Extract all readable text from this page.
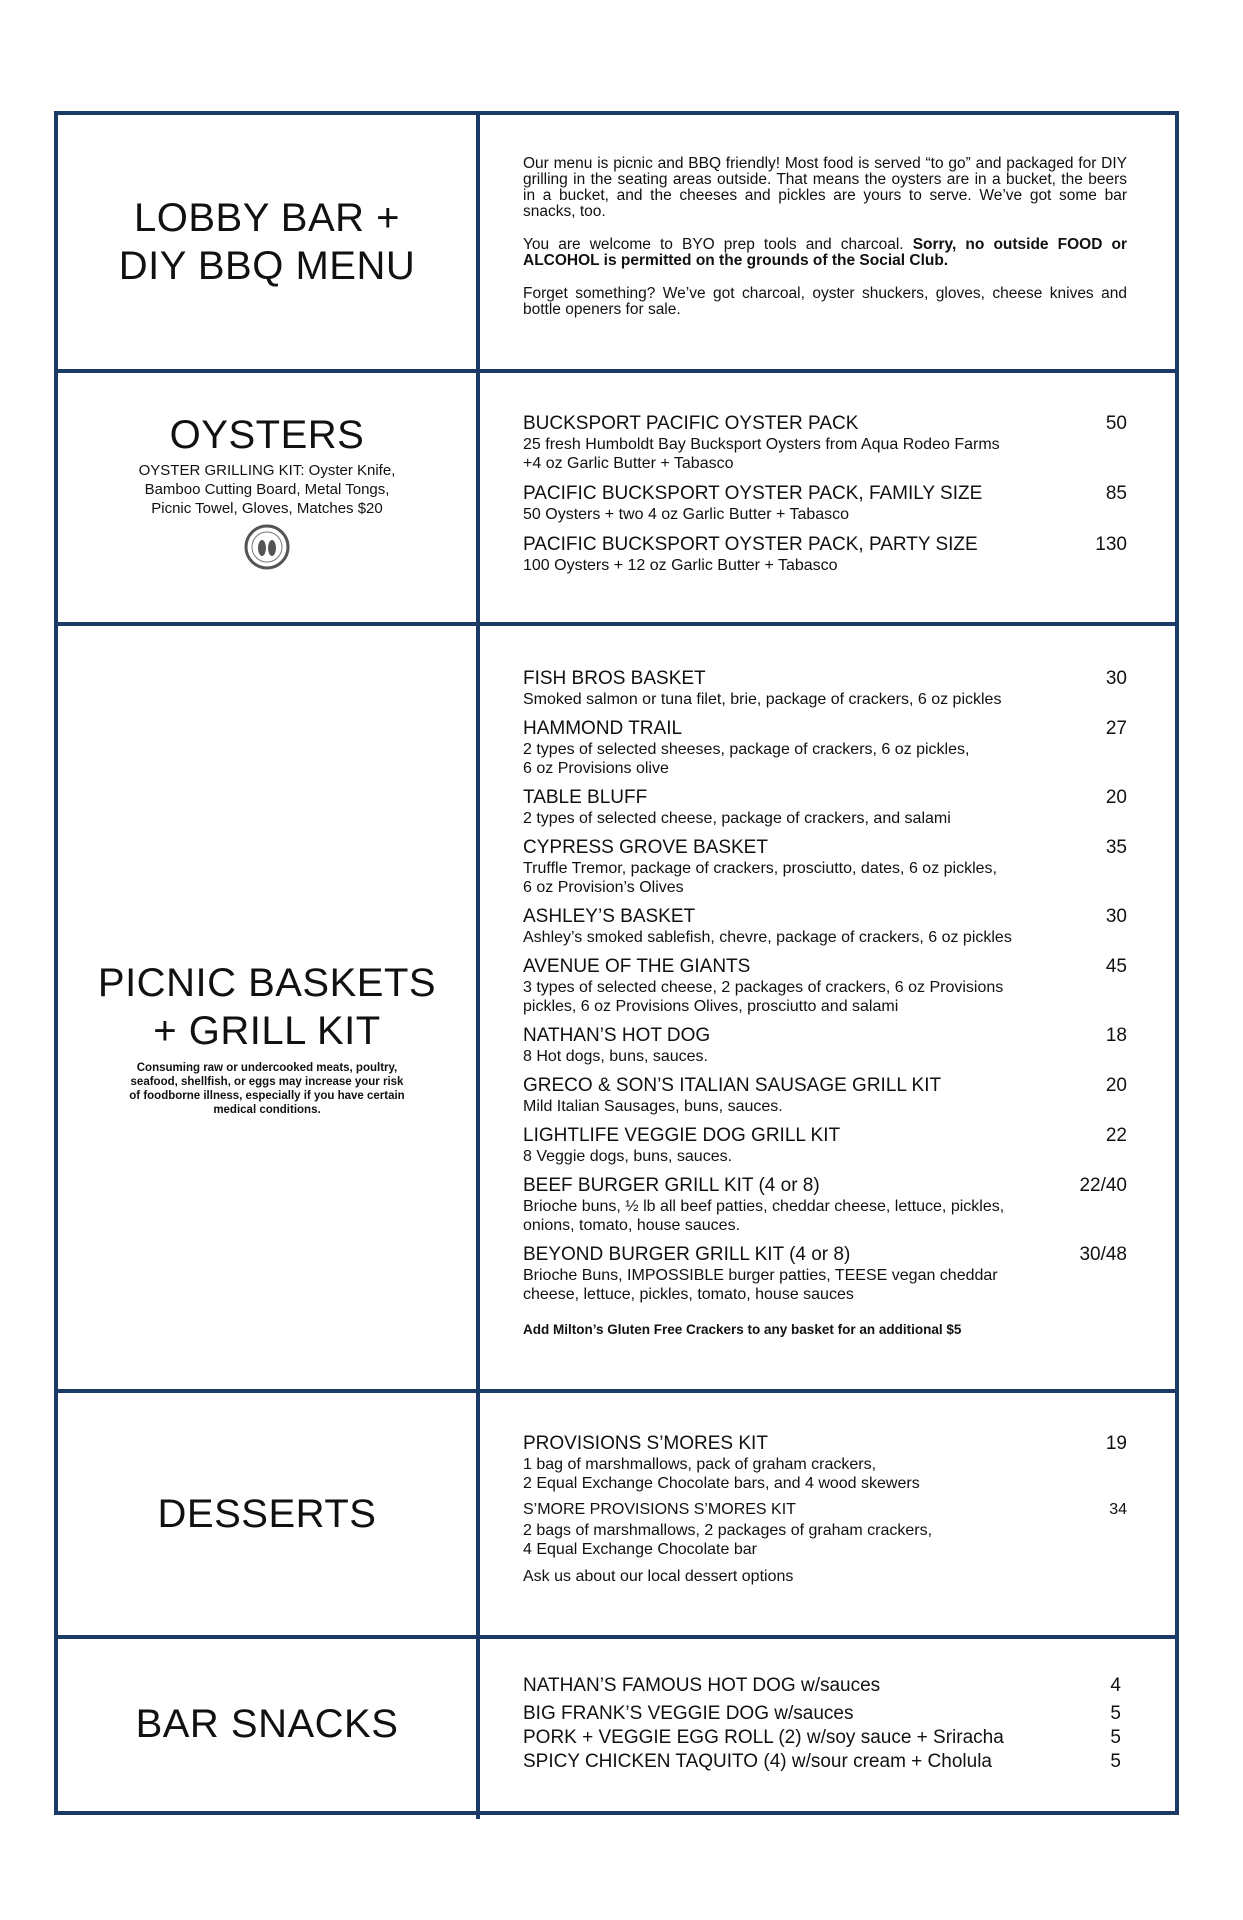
LOBBY BAR +
DIY BBQ MENU

Our menu is picnic and BBQ friendly! Most food is served “to go” and packaged for DIY grilling in the seating areas outside. That means the oysters are in a bucket, the beers in a bucket, and the cheeses and pickles are yours to serve. We’ve got some bar snacks, too.

You are welcome to BYO prep tools and charcoal. Sorry, no outside FOOD or ALCOHOL is permitted on the grounds of the Social Club.

Forget something? We’ve got charcoal, oyster shuckers, gloves, cheese knives and bottle openers for sale.

OYSTERS
OYSTER GRILLING KIT: Oyster Knife,
Bamboo Cutting Board, Metal Tongs,
Picnic Towel, Gloves, Matches $20
BUCKSPORT PACIFIC OYSTER PACK	50
25 fresh Humboldt Bay Bucksport Oysters from Aqua Rodeo Farms
+4 oz Garlic Butter + Tabasco
PACIFIC BUCKSPORT OYSTER PACK, FAMILY SIZE	85
50 Oysters + two 4 oz Garlic Butter + Tabasco
PACIFIC BUCKSPORT OYSTER PACK, PARTY SIZE	130
100 Oysters + 12 oz Garlic Butter + Tabasco
PICNIC BASKETS
+ GRILL KIT
Consuming raw or undercooked meats, poultry,
seafood, shellfish, or eggs may increase your risk
of foodborne illness, especially if you have certain
medical conditions.
FISH BROS BASKET	30
Smoked salmon or tuna filet, brie, package of crackers, 6 oz pickles
HAMMOND TRAIL	27
2 types of selected sheeses, package of crackers, 6 oz pickles,
6 oz Provisions olive
TABLE BLUFF	20
2 types of selected cheese, package of crackers, and salami
CYPRESS GROVE BASKET	35
Truffle Tremor, package of crackers, prosciutto, dates, 6 oz pickles,
6 oz Provision’s Olives
ASHLEY’S BASKET	30
Ashley’s smoked sablefish, chevre, package of crackers, 6 oz pickles
AVENUE OF THE GIANTS	45
3 types of selected cheese, 2 packages of crackers, 6 oz Provisions
pickles, 6 oz Provisions Olives, prosciutto and salami
NATHAN’S HOT DOG	18
8 Hot dogs, buns, sauces.
GRECO & SON’S ITALIAN SAUSAGE GRILL KIT	20
Mild Italian Sausages, buns, sauces.
LIGHTLIFE VEGGIE DOG GRILL KIT	22
8 Veggie dogs, buns, sauces.
BEEF BURGER GRILL KIT (4 or 8)	22/40
Brioche buns, ½ lb all beef patties, cheddar cheese, lettuce, pickles,
onions, tomato, house sauces.
BEYOND BURGER GRILL KIT (4 or 8)	30/48
Brioche Buns, IMPOSSIBLE burger patties, TEESE vegan cheddar
cheese, lettuce, pickles, tomato, house sauces
Add Milton’s Gluten Free Crackers to any basket for an additional $5
DESSERTS
PROVISIONS S’MORES KIT	19
1 bag of marshmallows, pack of graham crackers,
2 Equal Exchange Chocolate bars, and 4 wood skewers
S’MORE PROVISIONS S’MORES KIT	34
2 bags of marshmallows, 2 packages of graham crackers,
4 Equal Exchange Chocolate bar
Ask us about our local dessert options
BAR SNACKS
NATHAN’S FAMOUS HOT DOG w/sauces	4
BIG FRANK’S VEGGIE DOG w/sauces	5
PORK + VEGGIE EGG ROLL (2) w/soy sauce + Sriracha	5
SPICY CHICKEN TAQUITO (4) w/sour cream + Cholula	5
